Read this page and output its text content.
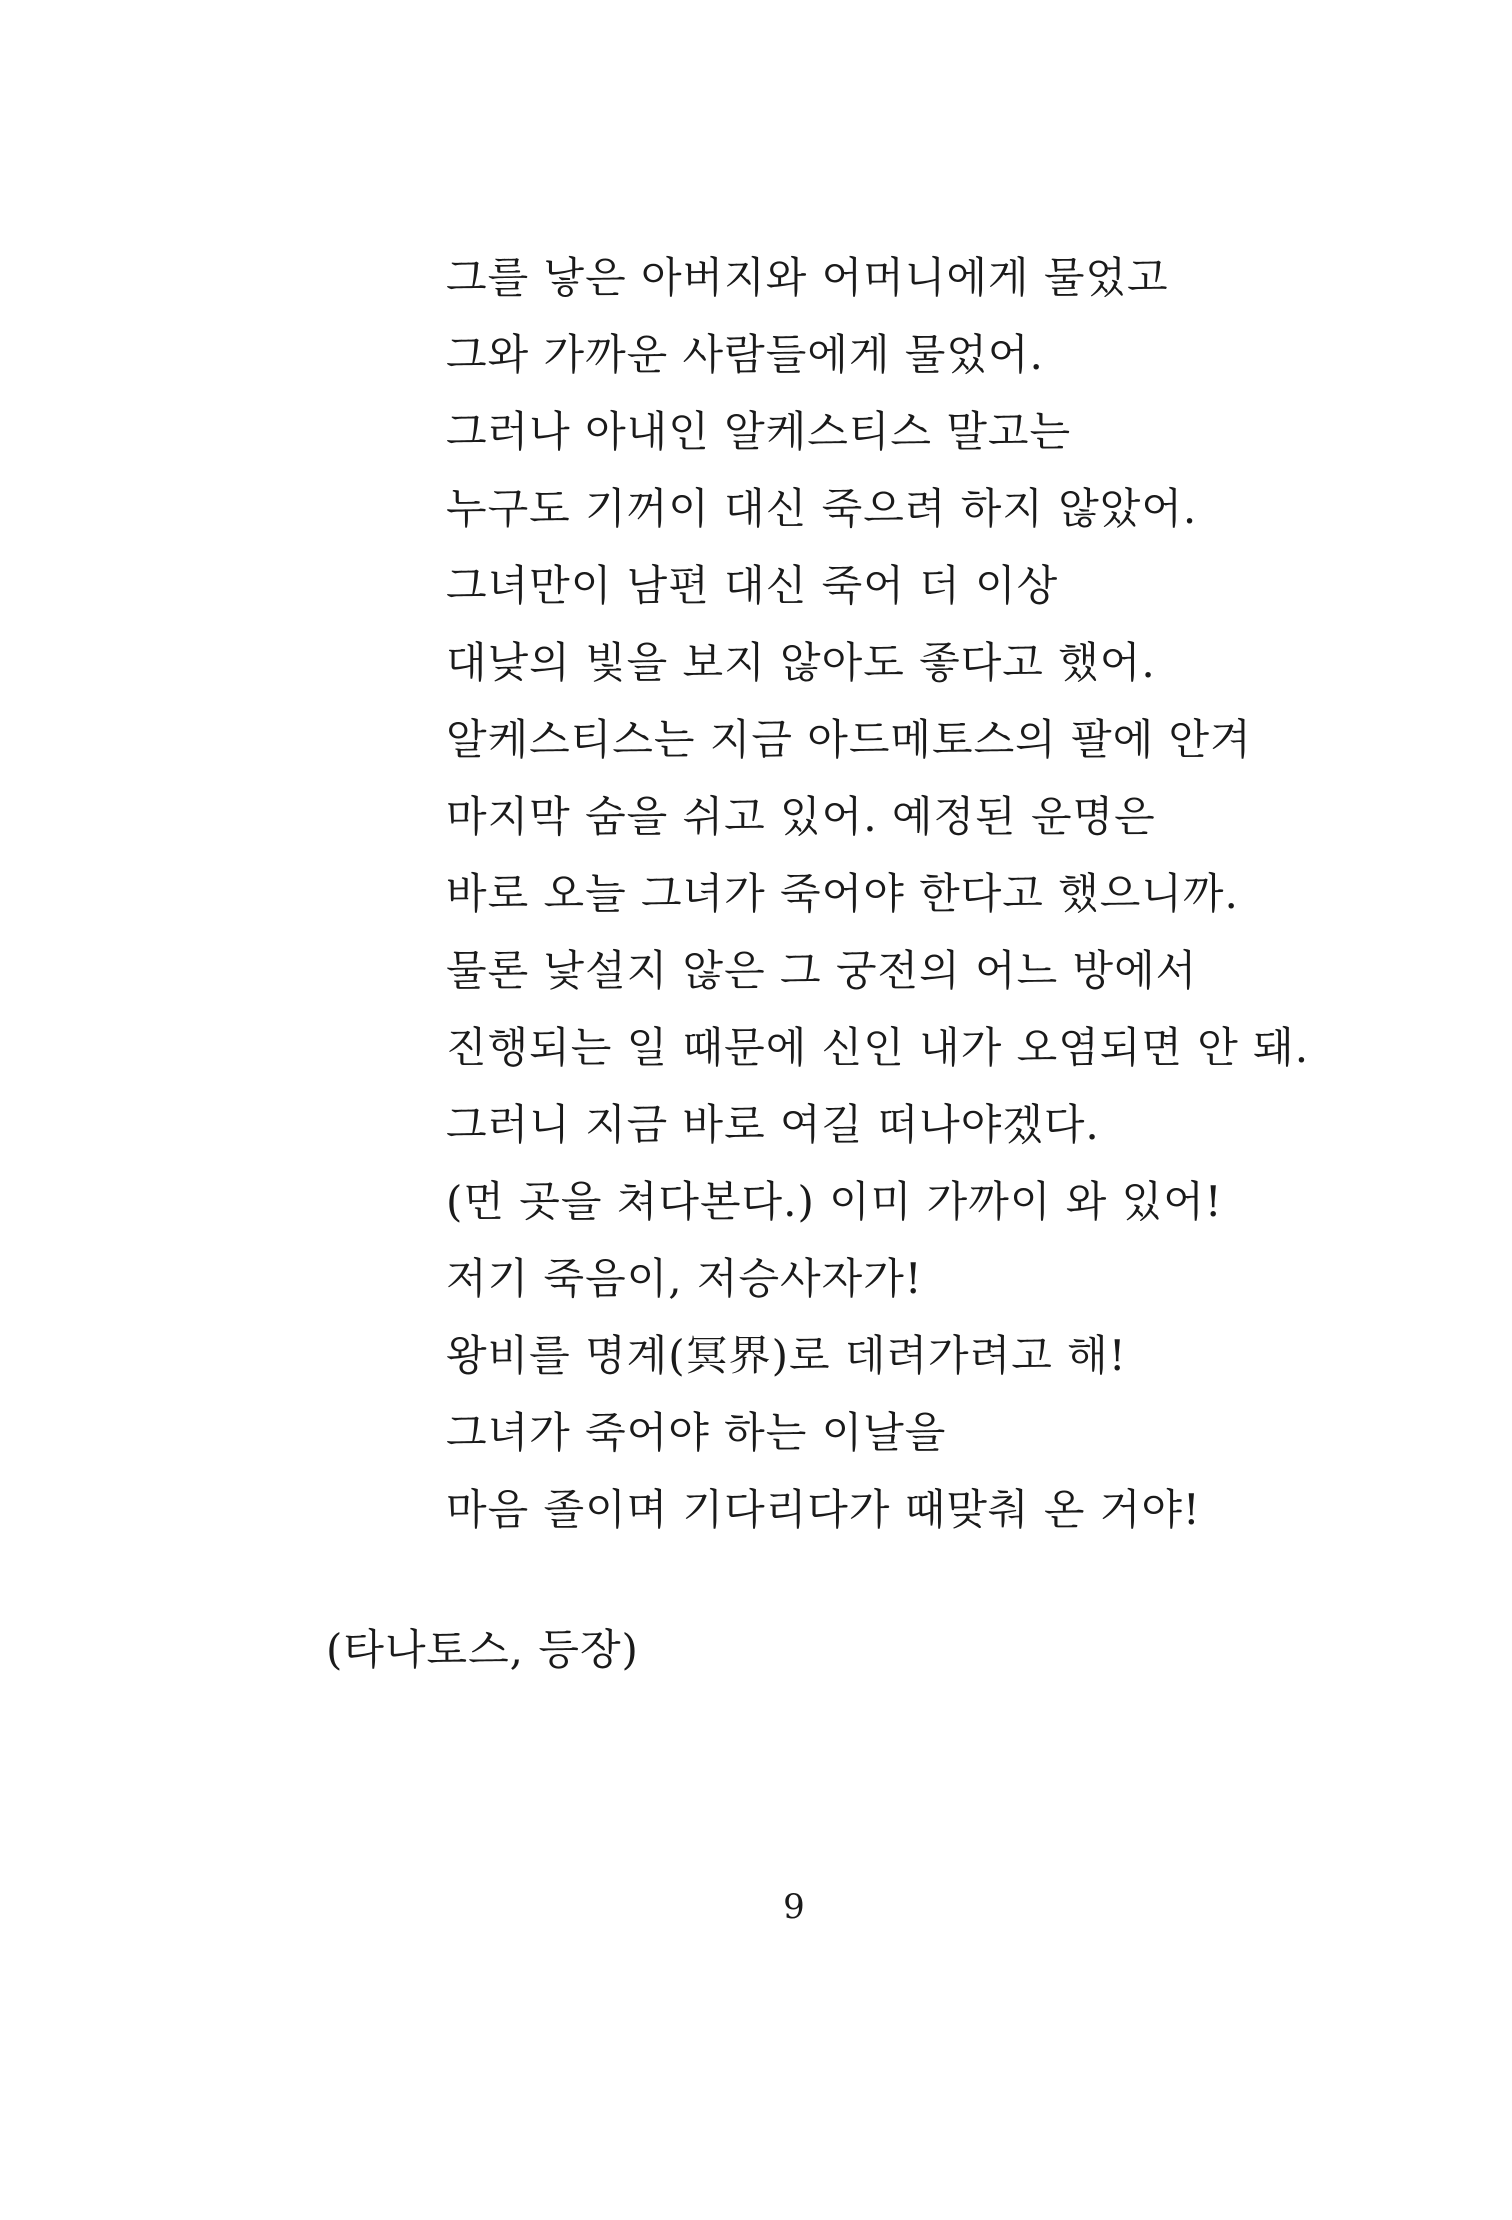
그를 낳은 아버지와 어머니에게 물었고
그와 가까운 사람들에게 물었어.
그러나 아내인 알케스티스 말고는
누구도 기꺼이 대신 죽으려 하지 않았어.
그녀만이 남편 대신 죽어 더 이상
대낮의 빛을 보지 않아도 좋다고 했어.
알케스티스는 지금 아드메토스의 팔에 안겨
마지막 숨을 쉬고 있어. 예정된 운명은
바로 오늘 그녀가 죽어야 한다고 했으니까.
물론 낯설지 않은 그 궁전의 어느 방에서
진행되는 일 때문에 신인 내가 오염되면 안 돼.
그러니 지금 바로 여길 떠나야겠다.
(먼 곳을 쳐다본다.) 이미 가까이 와 있어!
저기 죽음이, 저승사자가!
왕비를 명계(冥界)로 데려가려고 해!
그녀가 죽어야 하는 이날을
마음 졸이며 기다리다가 때맞춰 온 거야!
(타나토스, 등장)
9
